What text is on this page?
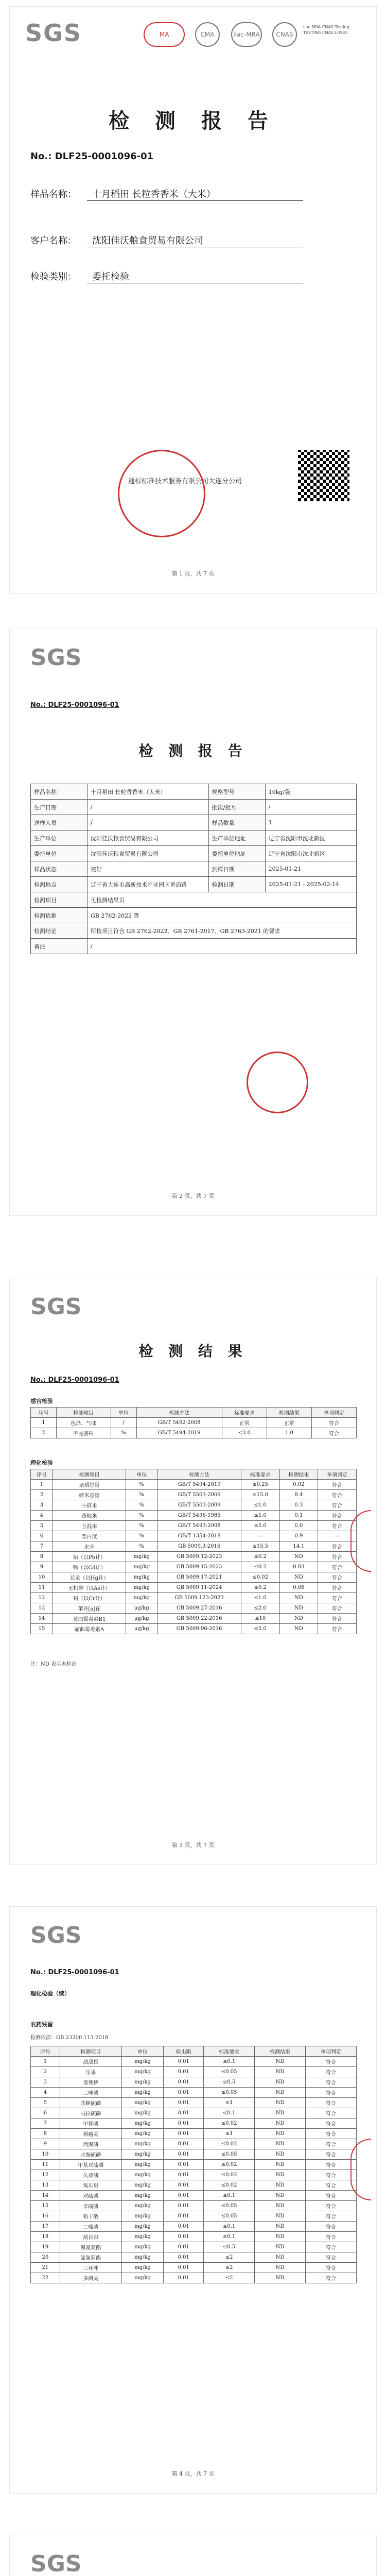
SGS	MA	CMA	ilac-MRA	CNAS
ilac-MRA CNAS Testing TESTING CNAS L0583
检 测 报 告
No.: DLF25-0001096-01
样品名称： 十月稻田 长粒香香米（大米）
客户名称： 沈阳佳沃粮食贸易有限公司
检验类别： 委托检验
通标标准技术服务有限公司大连分公司
第 1 页，共 7 页
SGS
No.: DLF25-0001096-01
检 测 报 告
样品名称	十月稻田 长粒香香米（大米）	规格型号	10kg/袋
生产日期	/	批次/批号	/
送样人员	/	样品数量	1
生产单位	沈阳佳沃粮食贸易有限公司	生产单位地址	辽宁省沈阳市沈北新区
委托单位	沈阳佳沃粮食贸易有限公司	委托单位地址	辽宁省沈阳市沈北新区
样品状态	完好	到样日期	2025-01-21
检测地点	辽宁省大连市高新技术产业园区黄浦路	检测日期	2025-01-21 - 2025-02-14
检测项目	见检测结果页		
检测依据	GB 2762-2022 等		
检测结论	所检项目符合 GB 2762-2022、GB 2761-2017、GB 2763-2021 的要求		
备注	/		
第 2 页，共 7 页
SGS
检 测 结 果
No.: DLF25-0001096-01
感官检验
序号	检测项目	单位	检测方法	标准要求	检测结果	单项判定
1	色泽、气味	/	GB/T 5492-2008	正常	正常	符合
2	不完善粒	%	GB/T 5494-2019	≤3.0	1.0	符合
理化检验
序号	检测项目	单位	检测方法	标准要求	检测结果	单项判定
1	杂质总量	%	GB/T 5494-2019	≤0.25	0.02	符合
2	碎米总量	%	GB/T 5503-2009	≤15.0	8.4	符合
3	小碎米	%	GB/T 5503-2009	≤1.0	0.3	符合
4	黄粒米	%	GB/T 5496-1985	≤1.0	0.1	符合
5	互混率	%	GB/T 5493-2008	≤5.0	0.0	符合
6	垩白度	%	GB/T 1354-2018	—	0.9	—
7	水分	%	GB 5009.3-2016	≤15.5	14.1	符合
8	铅（以Pb计）	mg/kg	GB 5009.12-2023	≤0.2	ND	符合
9	镉（以Cd计）	mg/kg	GB 5009.15-2023	≤0.2	0.03	符合
10	总汞（以Hg计）	mg/kg	GB 5009.17-2021	≤0.02	ND	符合
11	无机砷（以As计）	mg/kg	GB 5009.11-2024	≤0.2	0.06	符合
12	铬（以Cr计）	mg/kg	GB 5009.123-2023	≤1.0	ND	符合
13	苯并[a]芘	μg/kg	GB 5009.27-2016	≤2.0	ND	符合
14	黄曲霉毒素B1	μg/kg	GB 5009.22-2016	≤10	ND	符合
15	赭曲霉毒素A	μg/kg	GB 5009.96-2016	≤5.0	ND	符合
注：ND 表示未检出
第 3 页，共 7 页
SGS
No.: DLF25-0001096-01
理化检验（续）
农药残留
检测依据：GB 23200.113-2018
序号	检测项目	单位	检出限	标准要求	检测结果	单项判定
1	敌敌畏	mg/kg	0.01	≤0.1	ND	符合
2	乐果	mg/kg	0.01	≤0.05	ND	符合
3	毒死蜱	mg/kg	0.01	≤0.5	ND	符合
4	三唑磷	mg/kg	0.01	≤0.05	ND	符合
5	杀螟硫磷	mg/kg	0.01	≤1	ND	符合
6	马拉硫磷	mg/kg	0.01	≤0.1	ND	符合
7	甲拌磷	mg/kg	0.01	≤0.02	ND	符合
8	稻瘟灵	mg/kg	0.01	≤1	ND	符合
9	丙溴磷	mg/kg	0.01	≤0.02	ND	符合
10	水胺硫磷	mg/kg	0.01	≤0.05	ND	符合
11	甲基对硫磷	mg/kg	0.01	≤0.02	ND	符合
12	久效磷	mg/kg	0.01	≤0.02	ND	符合
13	氧乐果	mg/kg	0.01	≤0.02	ND	符合
14	对硫磷	mg/kg	0.01	≤0.1	ND	符合
15	辛硫磷	mg/kg	0.01	≤0.05	ND	符合
16	稻丰散	mg/kg	0.01	≤0.05	ND	符合
17	二嗪磷	mg/kg	0.01	≤0.1	ND	符合
18	敌百虫	mg/kg	0.01	≤0.1	ND	符合
19	溴氰菊酯	mg/kg	0.01	≤0.5	ND	符合
20	氯氰菊酯	mg/kg	0.01	≤2	ND	符合
21	三环唑	mg/kg	0.01	≤2	ND	符合
22	多菌灵	mg/kg	0.01	≤2	ND	符合
第 4 页，共 7 页
SGS
